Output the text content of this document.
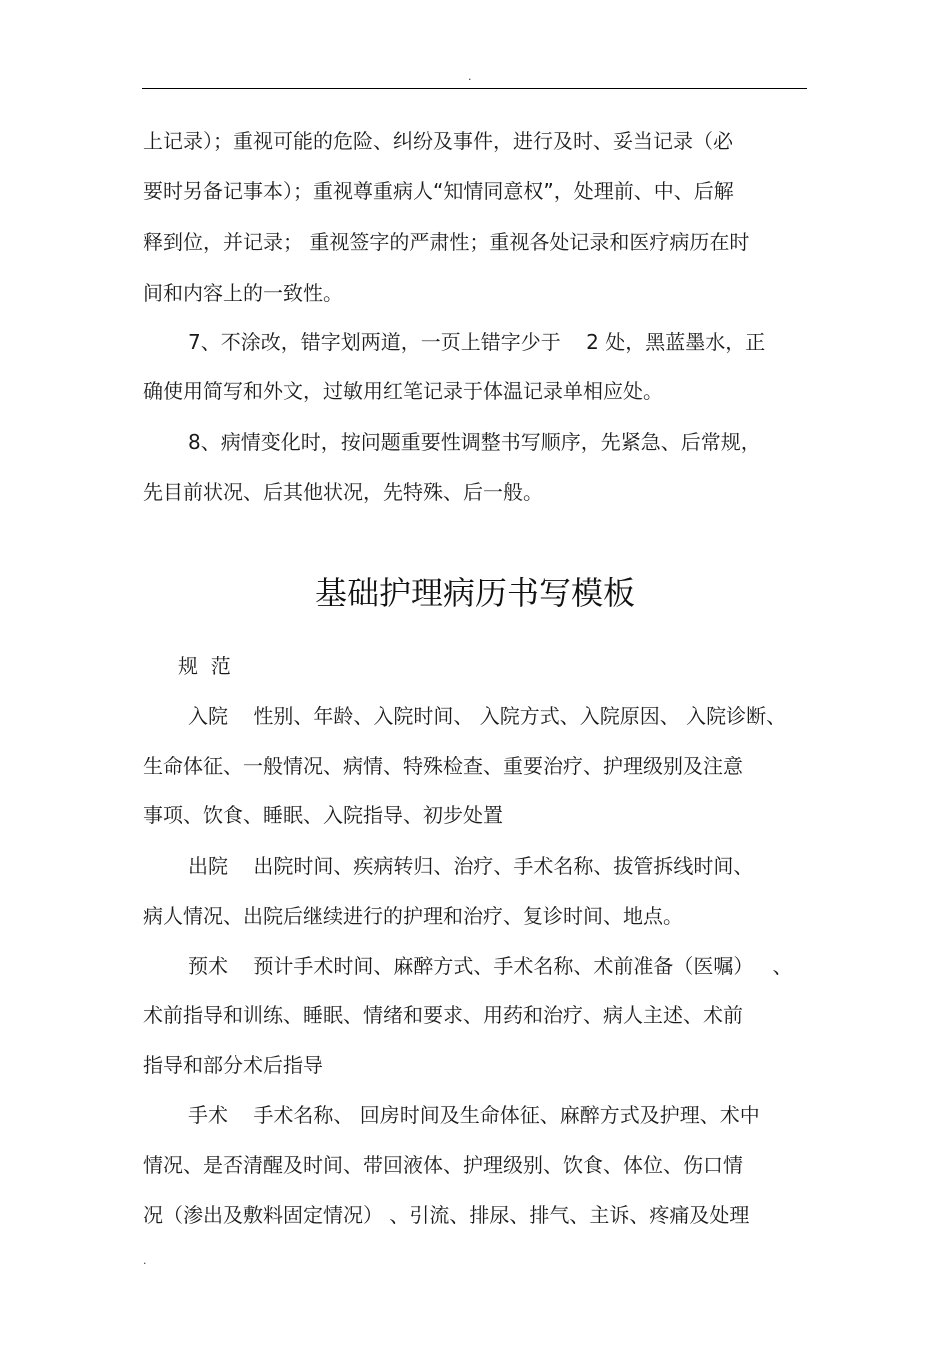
.
上记录）；重视可能的危险、纠纷及事件，进行及时、妥当记录（必
要时另备记事本）；重视尊重病人“知情同意权”，处理前、中、后解
释到位，并记录； 重视签字的严肃性；重视各处记录和医疗病历在时
间和内容上的一致性。
7、不涂改，错字划两道，一页上错字少于    2 处，黑蓝墨水，正
确使用简写和外文，过敏用红笔记录于体温记录单相应处。
8、病情变化时，按问题重要性调整书写顺序，先紧急、后常规，
先目前状况、后其他状况，先特殊、后一般。
基础护理病历书写模板
规  范
入院    性别、年龄、入院时间、 入院方式、入院原因、 入院诊断、
生命体征、一般情况、病情、特殊检查、重要治疗、护理级别及注意
事项、饮食、睡眠、入院指导、初步处置
出院    出院时间、疾病转归、治疗、手术名称、拔管拆线时间、
病人情况、出院后继续进行的护理和治疗、复诊时间、地点。
预术    预计手术时间、麻醉方式、手术名称、术前准备（医嘱）   、
术前指导和训练、睡眠、情绪和要求、用药和治疗、病人主述、术前
指导和部分术后指导
手术    手术名称、 回房时间及生命体征、麻醉方式及护理、术中
情况、是否清醒及时间、带回液体、护理级别、饮食、体位、伤口情
况（渗出及敷料固定情况） 、引流、排尿、排气、主诉、疼痛及处理
.
